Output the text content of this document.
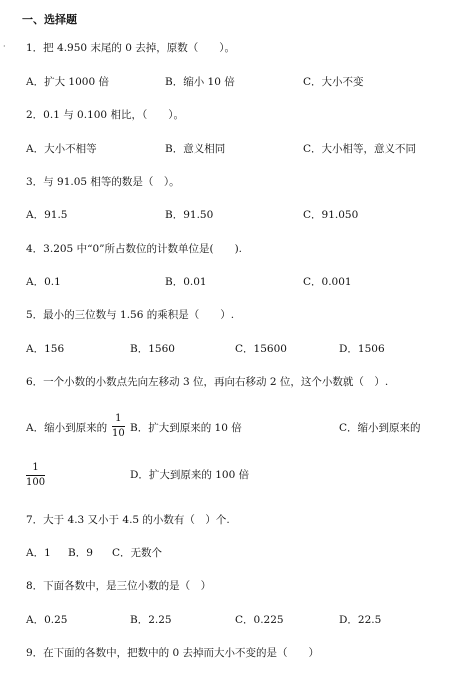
·
一、选择题
1．把 4.950 末尾的 0 去掉，原数（　　）。
A．扩大 1000 倍	B．缩小 10 倍	C．大小不变
2．0.1 与 0.100 相比，（　　）。
A．大小不相等	B．意义相同	C．大小相等，意义不同
3．与 91.05 相等的数是（　）。
A．91.5	B．91.50	C．91.050
4．3.205 中“0”所占数位的计数单位是(　　).
A．0.1	B．0.01	C．0.001
5．最小的三位数与 1.56 的乘积是（　　）.
A．156	B．1560	C．15600	D．1506
6．一个小数的小数点先向左移动 3 位，再向右移动 2 位，这个小数就（　）.
A．缩小到原来的
1
10 B．扩大到原来的 10 倍	C．缩小到原来的
1
100
D．扩大到原来的 100 倍
7．大于 4.3 又小于 4.5 的小数有（　）个.
A．1 B．9 C．无数个
8．下面各数中，是三位小数的是（　）
A．0.25	B．2.25	C．0.225	D．22.5
9．在下面的各数中，把数中的 0 去掉而大小不变的是（　　）
